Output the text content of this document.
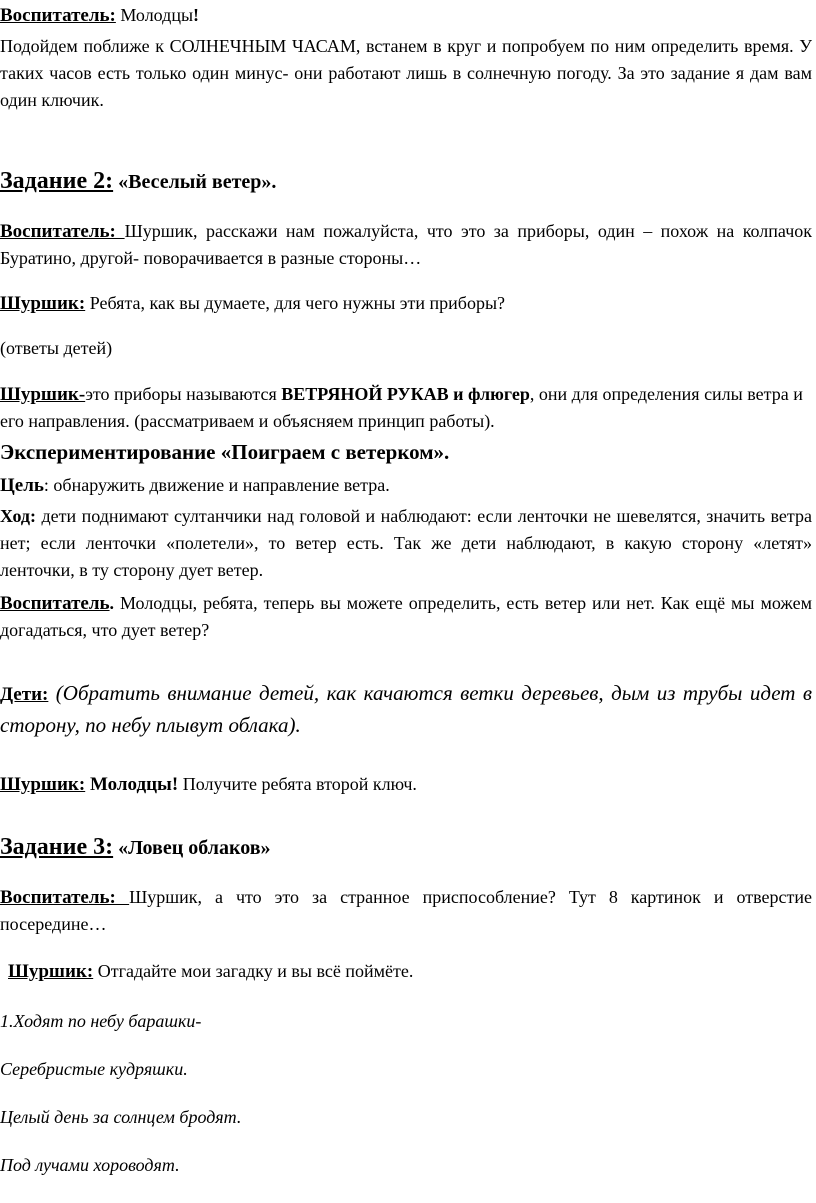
Воспитатель: Молодцы!

Подойдем поближе к СОЛНЕЧНЫМ ЧАСАМ, встанем в круг и попробуем по ним определить время. У таких часов есть только один минус- они работают лишь в солнечную погоду. За это задание я дам вам один ключик.

Задание 2: «Веселый ветер».

Воспитатель: Шуршик, расскажи нам пожалуйста, что это за приборы, один – похож на колпачок Буратино, другой- поворачивается в разные стороны…

Шуршик: Ребята, как вы думаете, для чего нужны эти приборы?

(ответы детей)

Шуршик-это приборы называются ВЕТРЯНОЙ РУКАВ и флюгер, они для определения силы ветра и его направления. (рассматриваем и объясняем принцип работы).

Экспериментирование «Поиграем с ветерком».

Цель: обнаружить движение и направление ветра.

Ход: дети поднимают султанчики над головой и наблюдают: если ленточки не шевелятся, значить ветра нет; если ленточки «полетели», то ветер есть. Так же дети наблюдают, в какую сторону «летят» ленточки, в ту сторону дует ветер.

Воспитатель. Молодцы, ребята, теперь вы можете определить, есть ветер или нет. Как ещё мы можем догадаться, что дует ветер?

Дети: (Обратить внимание детей, как качаются ветки деревьев, дым из трубы идет в сторону, по небу плывут облака).

Шуршик: Молодцы! Получите ребята второй ключ.

Задание 3: «Ловец облаков»

Воспитатель: Шуршик, а что это за странное приспособление? Тут 8 картинок и отверстие посередине…

Шуршик: Отгадайте мои загадку и вы всё поймёте.

1.Ходят по небу барашки-

Серебристые кудряшки.

Целый день за солнцем бродят.

Под лучами хороводят.
